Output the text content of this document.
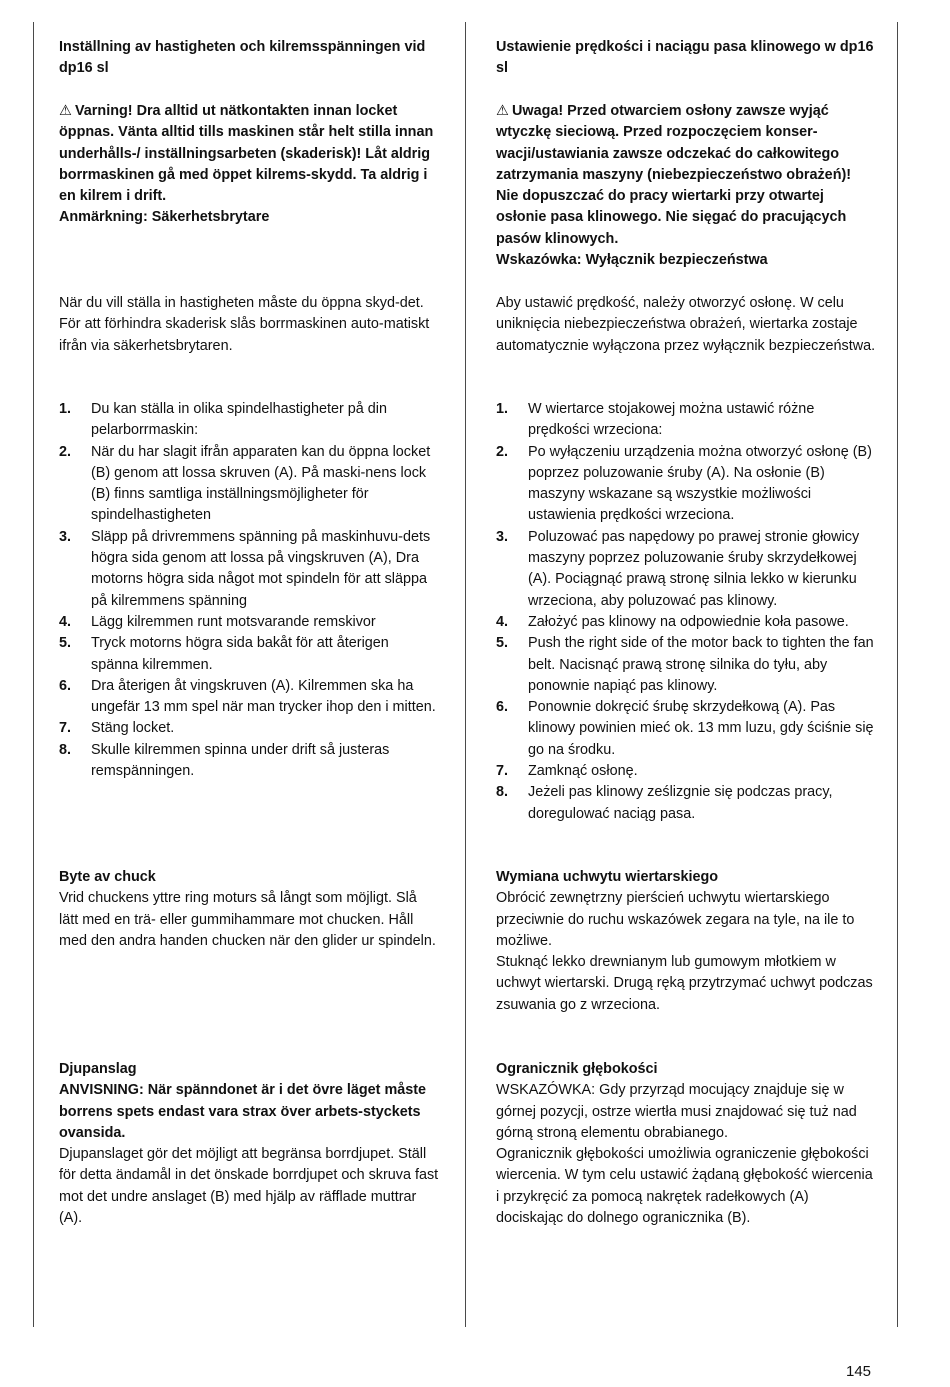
Inställning av hastigheten och kilremsspänningen vid dp16 sl

⚠ Varning! Dra alltid ut nätkontakten innan locket öppnas. Vänta alltid tills maskinen står helt stilla innan underhålls-/ inställningsarbeten (skaderisk)! Låt aldrig borrmaskinen gå med öppet kilrems-skydd. Ta aldrig i en kilrem i drift.

Anmärkning: Säkerhetsbrytare

När du vill ställa in hastigheten måste du öppna skyd-det. För att förhindra skaderisk slås borrmaskinen auto-matiskt ifrån via säkerhetsbrytaren.

1. Du kan ställa in olika spindelhastigheter på din pelarborrmaskin:
2. När du har slagit ifrån apparaten kan du öppna locket (B) genom att lossa skruven (A). På maski-nens lock (B) finns samtliga inställningsmöjligheter för spindelhastigheten
3. Släpp på drivremmens spänning på maskinhuvu-dets högra sida genom att lossa på vingskruven (A), Dra motorns högra sida något mot spindeln för att släppa på kilremmens spänning
4. Lägg kilremmen runt motsvarande remskivor
5. Tryck motorns högra sida bakåt för att återigen spänna kilremmen.
6. Dra återigen åt vingskruven (A). Kilremmen ska ha ungefär 13 mm spel när man trycker ihop den i mitten.
7. Stäng locket.
8. Skulle kilremmen spinna under drift så justeras remspänningen.

Byte av chuck

Vrid chuckens yttre ring moturs så långt som möjligt. Slå lätt med en trä- eller gummihammare mot chucken. Håll med den andra handen chucken när den glider ur spindeln.

Djupanslag

ANVISNING: När spänndonet är i det övre läget måste borrens spets endast vara strax över arbets-styckets ovansida.

Djupanslaget gör det möjligt att begränsa borrdjupet. Ställ för detta ändamål in det önskade borrdjupet och skruva fast mot det undre anslaget (B) med hjälp av räfflade muttrar (A).

Ustawienie prędkości i naciągu pasa klinowego w dp16 sl

⚠ Uwaga! Przed otwarciem osłony zawsze wyjąć wtyczkę sieciową. Przed rozpoczęciem konser-wacji/ustawiania zawsze odczekać do całkowitego zatrzymania maszyny (niebezpieczeństwo obrażeń)! Nie dopuszczać do pracy wiertarki przy otwartej osłonie pasa klinowego. Nie sięgać do pracujących pasów klinowych.

Wskazówka: Wyłącznik bezpieczeństwa

Aby ustawić prędkość, należy otworzyć osłonę. W celu uniknięcia niebezpieczeństwa obrażeń, wiertarka zostaje automatycznie wyłączona przez wyłącznik bezpieczeństwa.

1. W wiertarce stojakowej można ustawić różne prędkości wrzeciona:
2. Po wyłączeniu urządzenia można otworzyć osłonę (B) poprzez poluzowanie śruby (A). Na osłonie (B) maszyny wskazane są wszystkie możliwości ustawienia prędkości wrzeciona.
3. Poluzować pas napędowy po prawej stronie głowicy maszyny poprzez poluzowanie śruby skrzydełkowej (A). Pociągnąć prawą stronę silnia lekko w kierunku wrzeciona, aby poluzować pas klinowy.
4. Założyć pas klinowy na odpowiednie koła pasowe.
5. Push the right side of the motor back to tighten the fan belt. Nacisnąć prawą stronę silnika do tyłu, aby ponownie napiąć pas klinowy.
6. Ponownie dokręcić śrubę skrzydełkową (A). Pas klinowy powinien mieć ok. 13 mm luzu, gdy ściśnie się go na środku.
7. Zamknąć osłonę.
8. Jeżeli pas klinowy ześlizgnie się podczas pracy, doregulować naciąg pasa.

Wymiana uchwytu wiertarskiego

Obrócić zewnętrzny pierścień uchwytu wiertarskiego przeciwnie do ruchu wskazówek zegara na tyle, na ile to możliwe.

Stuknąć lekko drewnianym lub gumowym młotkiem w uchwyt wiertarski. Drugą ręką przytrzymać uchwyt podczas zsuwania go z wrzeciona.

Ogranicznik głębokości

WSKAZÓWKA: Gdy przyrząd mocujący znajduje się w górnej pozycji, ostrze wiertła musi znajdować się tuż nad górną stroną elementu obrabianego.

Ogranicznik głębokości umożliwia ograniczenie głębokości wiercenia. W tym celu ustawić żądaną głębokość wiercenia i przykręcić za pomocą nakrętek radełkowych (A) dociskając do dolnego ogranicznika (B).

145
